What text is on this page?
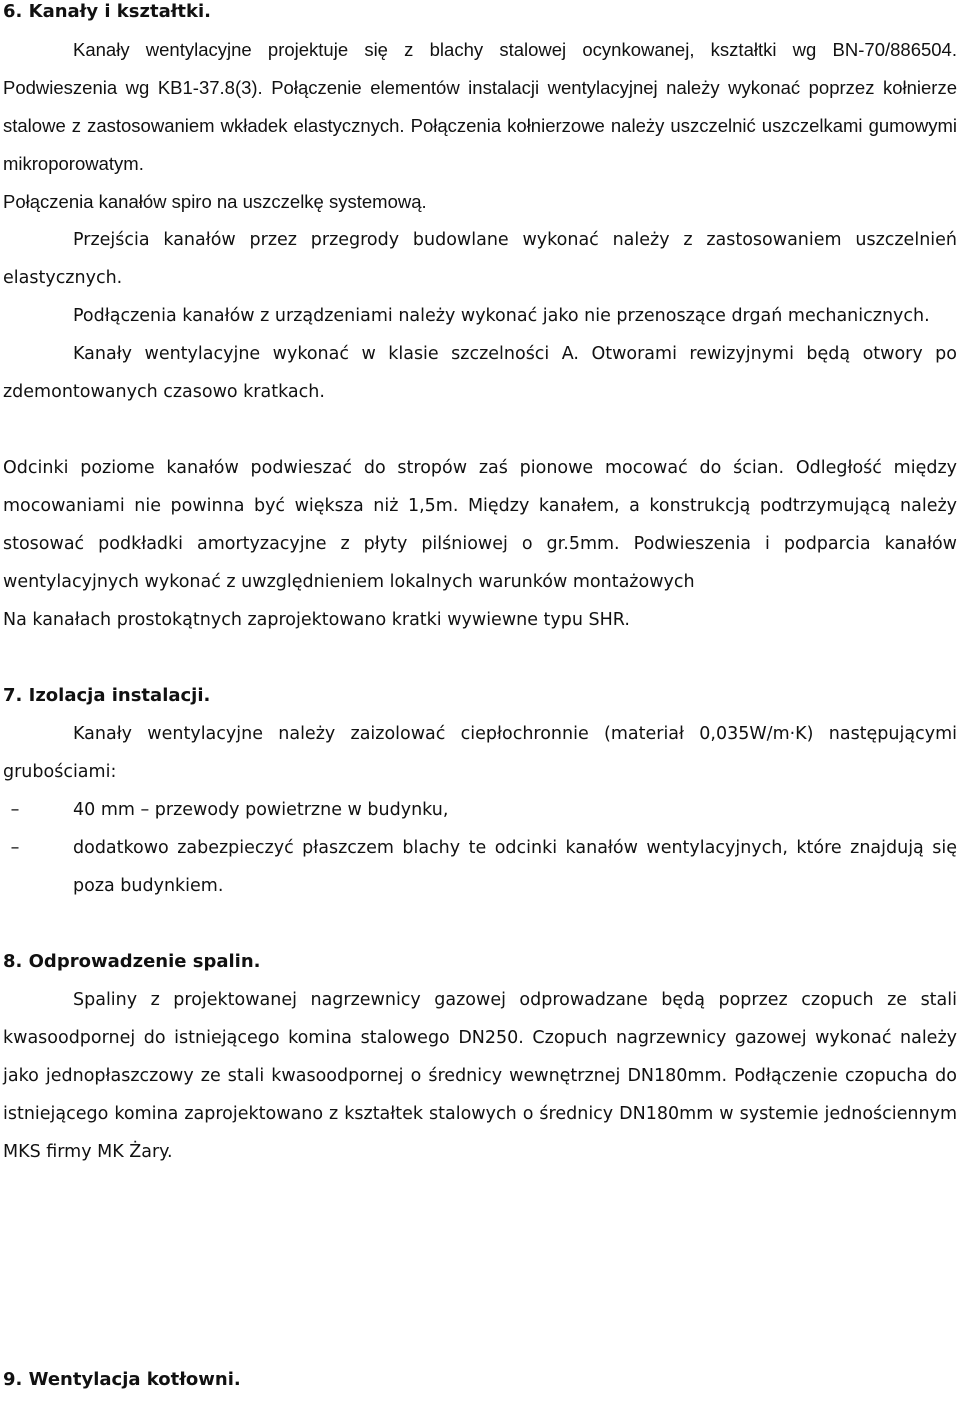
6. Kanały i kształtki.

Kanały wentylacyjne projektuje się z blachy stalowej ocynkowanej, kształtki wg BN-70/886504. Podwieszenia wg KB1-37.8(3). Połączenie elementów instalacji wentylacyjnej należy wykonać poprzez kołnierze stalowe z zastosowaniem wkładek elastycznych. Połączenia kołnierzowe należy uszczelnić uszczelkami gumowymi mikroporowatym.

Połączenia kanałów spiro na uszczelkę systemową.

Przejścia kanałów przez przegrody budowlane wykonać należy z zastosowaniem uszczelnień elastycznych.

Podłączenia kanałów z urządzeniami należy wykonać jako nie przenoszące drgań mechanicznych.

Kanały wentylacyjne wykonać w klasie szczelności A. Otworami rewizyjnymi będą otwory po zdemontowanych czasowo kratkach.

Odcinki poziome kanałów podwieszać do stropów zaś pionowe mocować do ścian. Odległość między mocowaniami nie powinna być większa niż 1,5m. Między kanałem, a konstrukcją podtrzymującą należy stosować podkładki amortyzacyjne z płyty pilśniowej o gr.5mm. Podwieszenia i podparcia kanałów wentylacyjnych wykonać z uwzględnieniem lokalnych warunków montażowych

Na kanałach prostokątnych zaprojektowano kratki wywiewne typu SHR.

7. Izolacja instalacji.

Kanały wentylacyjne należy zaizolować ciepłochronnie (materiał 0,035W/m·K) następującymi grubościami:

–	40 mm – przewody powietrzne w budynku,
–	dodatkowo zabezpieczyć płaszczem blachy te odcinki kanałów wentylacyjnych, które znajdują się poza budynkiem.
8. Odprowadzenie spalin.

Spaliny z projektowanej nagrzewnicy gazowej odprowadzane będą poprzez czopuch ze stali kwasoodpornej do istniejącego komina stalowego DN250. Czopuch nagrzewnicy gazowej wykonać należy jako jednopłaszczowy ze stali kwasoodpornej o średnicy wewnętrznej DN180mm. Podłączenie czopucha do istniejącego komina zaprojektowano z kształtek stalowych o średnicy DN180mm w systemie jednościennym MKS firmy MK Żary.

9. Wentylacja kotłowni.
